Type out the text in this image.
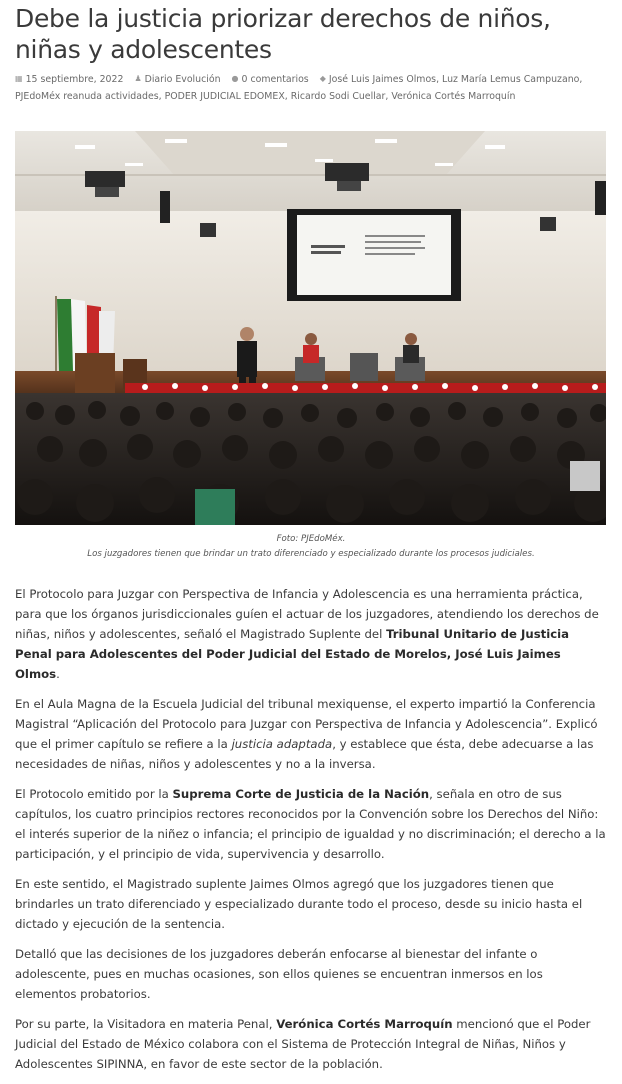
Debe la justicia priorizar derechos de niños, niñas y adolescentes
▦ 15 septiembre, 2022 ♟ Diario Evolución ● 0 comentarios ◆ José Luis Jaimes Olmos, Luz María Lemus Campuzano, PJEdoMéx reanuda actividades, PODER JUDICIAL EDOMEX, Ricardo Sodi Cuellar, Verónica Cortés Marroquín
Foto: PJEdoMéx.
Los juzgadores tienen que brindar un trato diferenciado y especializado durante los procesos judiciales.

El Protocolo para Juzgar con Perspectiva de Infancia y Adolescencia es una herramienta práctica, para que los órganos jurisdiccionales guíen el actuar de los juzgadores, atendiendo los derechos de niñas, niños y adolescentes, señaló el Magistrado Suplente del Tribunal Unitario de Justicia Penal para Adolescentes del Poder Judicial del Estado de Morelos, José Luis Jaimes Olmos.

En el Aula Magna de la Escuela Judicial del tribunal mexiquense, el experto impartió la Conferencia Magistral “Aplicación del Protocolo para Juzgar con Perspectiva de Infancia y Adolescencia”. Explicó que el primer capítulo se refiere a la justicia adaptada, y establece que ésta, debe adecuarse a las necesidades de niñas, niños y adolescentes y no a la inversa.

El Protocolo emitido por la Suprema Corte de Justicia de la Nación, señala en otro de sus capítulos, los cuatro principios rectores reconocidos por la Convención sobre los Derechos del Niño: el interés superior de la niñez o infancia; el principio de igualdad y no discriminación; el derecho a la participación, y el principio de vida, supervivencia y desarrollo.

En este sentido, el Magistrado suplente Jaimes Olmos agregó que los juzgadores tienen que brindarles un trato diferenciado y especializado durante todo el proceso, desde su inicio hasta el dictado y ejecución de la sentencia.

Detalló que las decisiones de los juzgadores deberán enfocarse al bienestar del infante o adolescente, pues en muchas ocasiones, son ellos quienes se encuentran inmersos en los elementos probatorios.

Por su parte, la Visitadora en materia Penal, Verónica Cortés Marroquín mencionó que el Poder Judicial del Estado de México colabora con el Sistema de Protección Integral de Niñas, Niños y Adolescentes SIPINNA, en favor de este sector de la población.
